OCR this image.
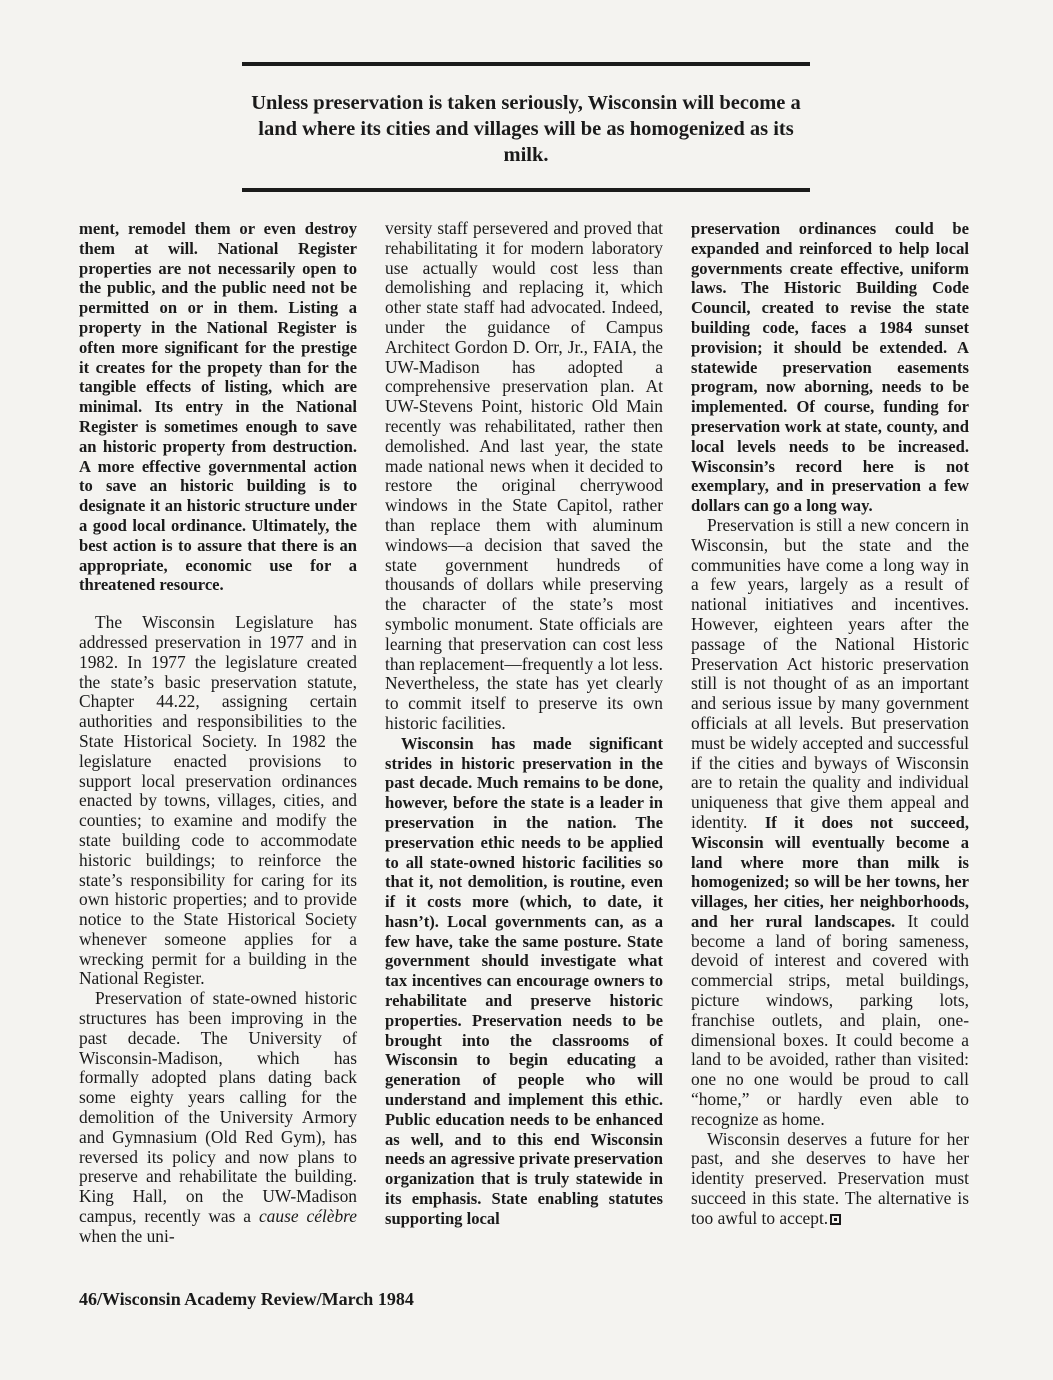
Unless preservation is taken seriously, Wisconsin will become a land where its cities and villages will be as homogenized as its milk.

ment, remodel them or even destroy them at will. National Register properties are not necessarily open to the public, and the public need not be permitted on or in them. Listing a property in the National Register is often more significant for the prestige it creates for the propety than for the tangible effects of listing, which are minimal. Its entry in the National Register is sometimes enough to save an historic property from destruction. A more effective governmental action to save an historic building is to designate it an historic structure under a good local ordinance. Ultimately, the best action is to assure that there is an appropriate, economic use for a threatened resource.

The Wisconsin Legislature has addressed preservation in 1977 and in 1982. In 1977 the legislature created the state’s basic preservation statute, Chapter 44.22, assigning certain authorities and responsibilities to the State Historical Society. In 1982 the legislature enacted provisions to support local preservation ordinances enacted by towns, villages, cities, and counties; to examine and modify the state building code to accommodate historic buildings; to reinforce the state’s responsibility for caring for its own historic properties; and to provide notice to the State Historical Society whenever someone applies for a wrecking permit for a building in the National Register.

Preservation of state-owned historic structures has been improving in the past decade. The University of Wisconsin-Madison, which has formally adopted plans dating back some eighty years calling for the demolition of the University Armory and Gymnasium (Old Red Gym), has reversed its policy and now plans to preserve and rehabilitate the building. King Hall, on the UW-Madison campus, recently was a cause célèbre when the uni-

versity staff persevered and proved that rehabilitating it for modern laboratory use actually would cost less than demolishing and replacing it, which other state staff had advocated. Indeed, under the guidance of Campus Architect Gordon D. Orr, Jr., FAIA, the UW-Madison has adopted a comprehensive preservation plan. At UW-Stevens Point, historic Old Main recently was rehabilitated, rather then demolished. And last year, the state made national news when it decided to restore the original cherrywood windows in the State Capitol, rather than replace them with aluminum windows—a decision that saved the state government hundreds of thousands of dollars while preserving the character of the state’s most symbolic monument. State officials are learning that preservation can cost less than replacement—frequently a lot less. Nevertheless, the state has yet clearly to commit itself to preserve its own historic facilities.

Wisconsin has made significant strides in historic preservation in the past decade. Much remains to be done, however, before the state is a leader in preservation in the nation. The preservation ethic needs to be applied to all state-owned historic facilities so that it, not demolition, is routine, even if it costs more (which, to date, it hasn’t). Local governments can, as a few have, take the same posture. State government should investigate what tax incentives can encourage owners to rehabilitate and preserve historic properties. Preservation needs to be brought into the classrooms of Wisconsin to begin educating a generation of people who will understand and implement this ethic. Public education needs to be enhanced as well, and to this end Wisconsin needs an agressive private preservation organization that is truly statewide in its emphasis. State enabling statutes supporting local

preservation ordinances could be expanded and reinforced to help local governments create effective, uniform laws. The Historic Building Code Council, created to revise the state building code, faces a 1984 sunset provision; it should be extended. A statewide preservation easements program, now aborning, needs to be implemented. Of course, funding for preservation work at state, county, and local levels needs to be increased. Wisconsin’s record here is not exemplary, and in preservation a few dollars can go a long way.

Preservation is still a new concern in Wisconsin, but the state and the communities have come a long way in a few years, largely as a result of national initiatives and incentives. However, eighteen years after the passage of the National Historic Preservation Act historic preservation still is not thought of as an important and serious issue by many government officials at all levels. But preservation must be widely accepted and successful if the cities and byways of Wisconsin are to retain the quality and individual uniqueness that give them appeal and identity. If it does not succeed, Wisconsin will eventually become a land where more than milk is homogenized; so will be her towns, her villages, her cities, her neighborhoods, and her rural landscapes. It could become a land of boring sameness, devoid of interest and covered with commercial strips, metal buildings, picture windows, parking lots, franchise outlets, and plain, one-dimensional boxes. It could become a land to be avoided, rather than visited: one no one would be proud to call “home,” or hardly even able to recognize as home.

Wisconsin deserves a future for her past, and she deserves to have her identity preserved. Preservation must succeed in this state. The alternative is too awful to accept.

46/Wisconsin Academy Review/March 1984
